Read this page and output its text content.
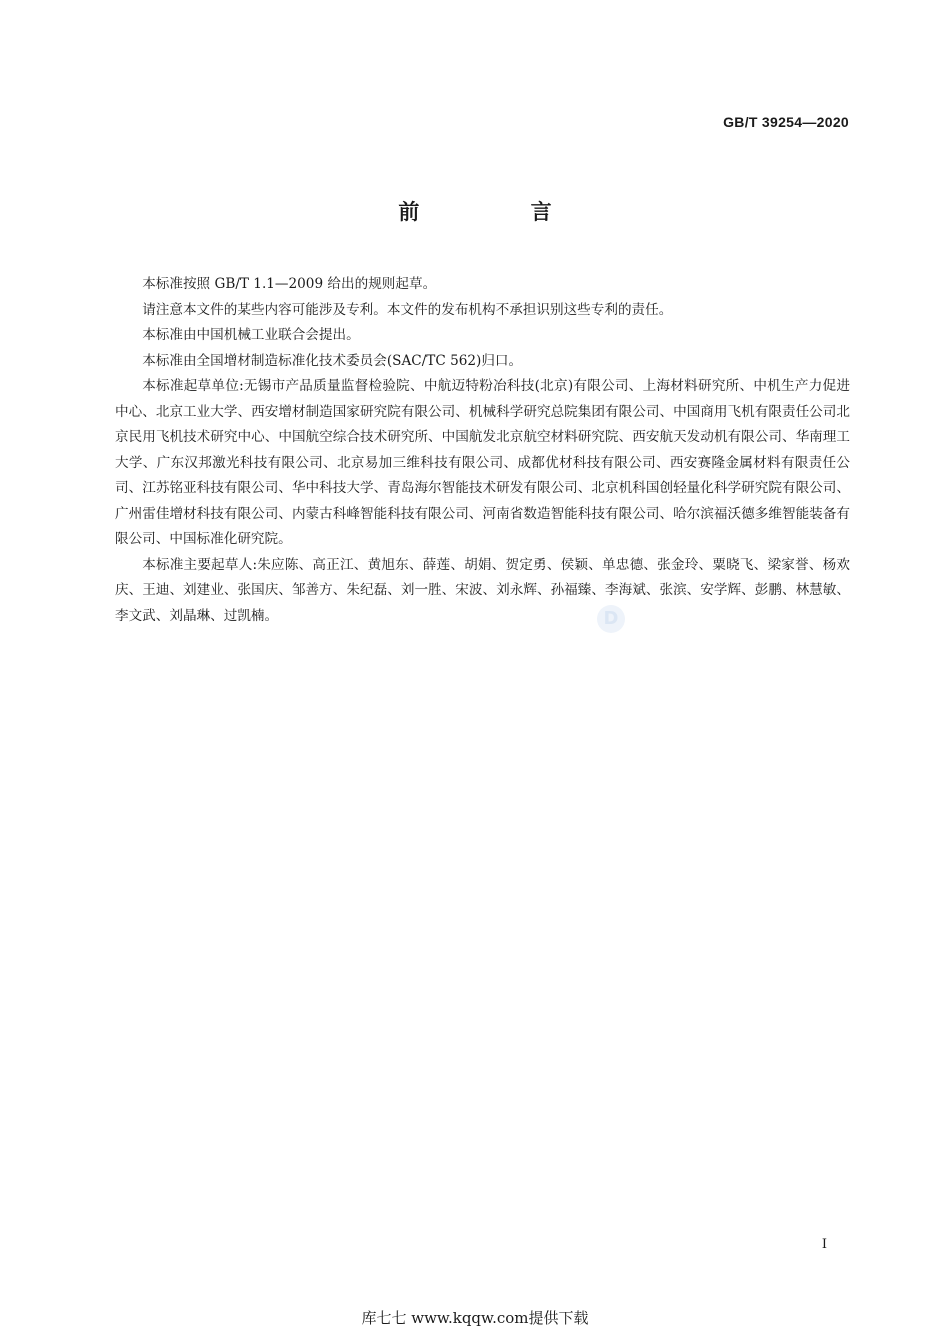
GB/T 39254—2020
前 言

本标准按照 GB/T 1.1—2009 给出的规则起草。

请注意本文件的某些内容可能涉及专利。本文件的发布机构不承担识别这些专利的责任。

本标准由中国机械工业联合会提出。

本标准由全国增材制造标准化技术委员会(SAC/TC 562)归口。

本标准起草单位:无锡市产品质量监督检验院、中航迈特粉冶科技(北京)有限公司、上海材料研究所、中机生产力促进中心、北京工业大学、西安增材制造国家研究院有限公司、机械科学研究总院集团有限公司、中国商用飞机有限责任公司北京民用飞机技术研究中心、中国航空综合技术研究所、中国航发北京航空材料研究院、西安航天发动机有限公司、华南理工大学、广东汉邦激光科技有限公司、北京易加三维科技有限公司、成都优材科技有限公司、西安赛隆金属材料有限责任公司、江苏铭亚科技有限公司、华中科技大学、青岛海尔智能技术研发有限公司、北京机科国创轻量化科学研究院有限公司、广州雷佳增材科技有限公司、内蒙古科峰智能科技有限公司、河南省数造智能科技有限公司、哈尔滨福沃德多维智能装备有限公司、中国标准化研究院。

本标准主要起草人:朱应陈、高正江、黄旭东、薛莲、胡娟、贺定勇、侯颖、单忠德、张金玲、粟晓飞、梁家誉、杨欢庆、王迪、刘建业、张国庆、邹善方、朱纪磊、刘一胜、宋波、刘永辉、孙福臻、李海斌、张滨、安学辉、彭鹏、林慧敏、李文武、刘晶琳、过凯楠。	D
I
库七七 www.kqqw.com提供下载
